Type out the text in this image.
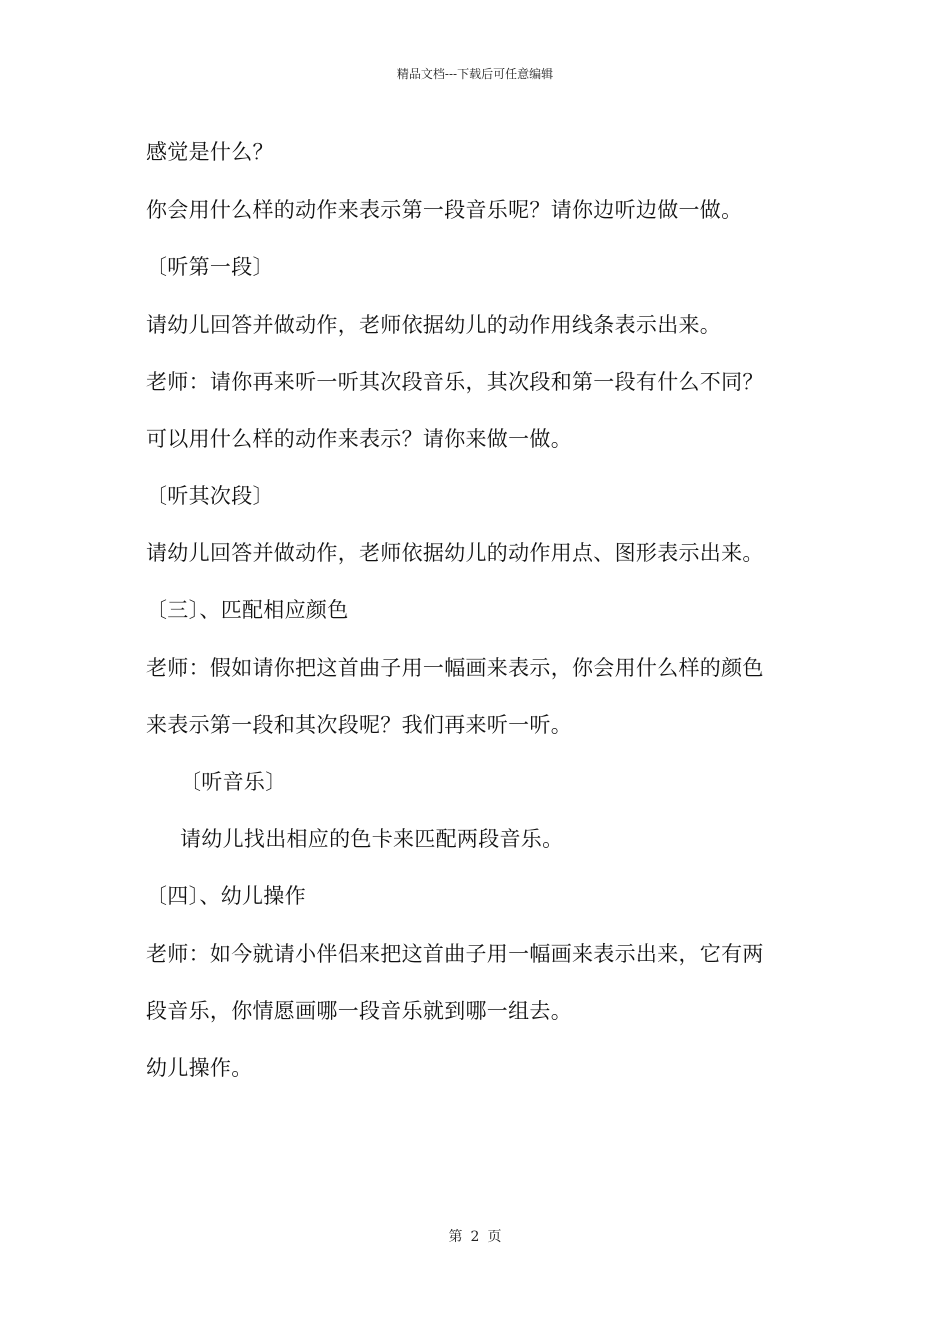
精品文档---下载后可任意编辑
感觉是什么？
你会用什么样的动作来表示第一段音乐呢？请你边听边做一做。
〔听第一段〕
请幼儿回答并做动作，老师依据幼儿的动作用线条表示出来。
老师：请你再来听一听其次段音乐，其次段和第一段有什么不同？
可以用什么样的动作来表示？请你来做一做。
〔听其次段〕
请幼儿回答并做动作，老师依据幼儿的动作用点、图形表示出来。
〔三〕、匹配相应颜色
老师：假如请你把这首曲子用一幅画来表示，你会用什么样的颜色
来表示第一段和其次段呢？我们再来听一听。
〔听音乐〕
请幼儿找出相应的色卡来匹配两段音乐。
〔四〕、幼儿操作
老师：如今就请小伴侣来把这首曲子用一幅画来表示出来，它有两
段音乐，你情愿画哪一段音乐就到哪一组去。
幼儿操作。
第 2 页
